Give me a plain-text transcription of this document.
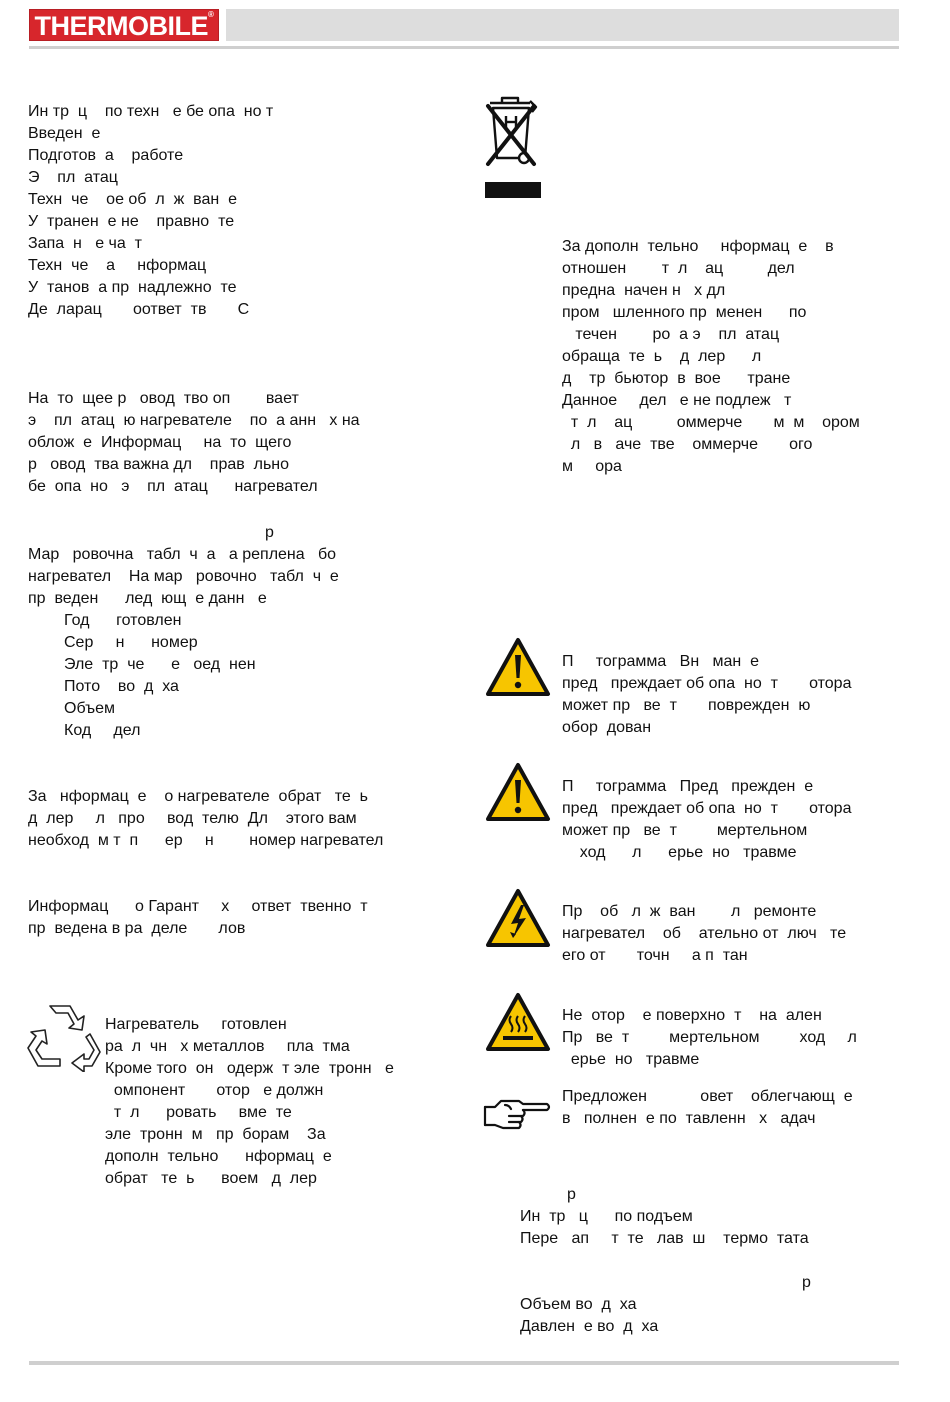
THERMOBILE®
Ин тр  ц    по техн   е бе опа  но т
Введен  е
Подготов  а    работе
Э    пл  атац
Техн  че    ое об  л  ж  ван  е
У  транен  е не    правно  те
Запа  н   е ча  т
Техн  че    а     нформац
У  танов  а пр  надлежно  те
Де  ларац       оответ  тв       С
На  то  щее р   овод  тво оп        вает
э    пл  атац  ю нагревателе    по  а анн   х на
облож  е  Информац     на  то  щего
р   овод  тва важна дл    прав  льно
бе  опа  но   э    пл  атац      нагревател
р
Мар   ровочна   табл  ч  а   а реплена   бо
нагревател    На мар   ровочно   табл  ч  е
пр  веден      лед  ющ  е данн   е
Год      готовлен
Сер     н      номер
Эле  тр  че      е   оед  нен
Пото    во  д  ха
Объем
Код     дел
За   нформац  е    о нагревателе  обрат   те  ь
д  лер     л   про     вод  телю  Дл    этого вам
необход  м т  п      ер     н        номер нагревател
Информац      о Гарант     х     ответ  твенно  т
пр  ведена в ра  деле       лов
Нагреватель     готовлен
ра  л  чн   х металлов     пла  тма
Кроме того  он   одерж  т эле  тронн   е
омпонент       отор   е должн
т  л      ровать     вме  те
эле  тронн  м   пр  борам    За
дополн  тельно      нформац  е
обрат   те  ь      воем   д  лер
За дополн  тельно     нформац  е    в
отношен        т  л    ац          дел
предна  начен н   х дл
пром   шленного пр  менен      по
течен        ро  а э    пл  атац
обраща  те  ь    д  лер      л
д    тр  бьютор  в  вое      тране
Данное     дел   е не подлеж   т
т  л    ац          оммерче       м  м    ором
л   в   аче  тве    оммерче       ого
м     ора
П     тограмма   Вн   ман  е
пред   преждает об опа  но  т       отора
может пр   ве  т       поврежден  ю
обор  дован
П     тограмма   Пред   прежден  е
пред   преждает об опа  но  т       отора
может пр   ве  т         мертельном
ход      л      ерье  но   травме
Пр    об   л  ж  ван        л   ремонте
нагревател    об    ательно от  люч   те
его от       точн     а п  тан
Не  отор    е поверхно  т    на  ален
Пр   ве  т         мертельном         ход     л
ерье  но   травме
Предложен            овет    облегчающ  е
в   полнен  е по  тавленн   х   адач
р
Ин  тр   ц      по подъем
Пере   ап     т  те   лав  ш    термо  тата
р
Объем во  д  ха
Давлен  е во  д  ха
